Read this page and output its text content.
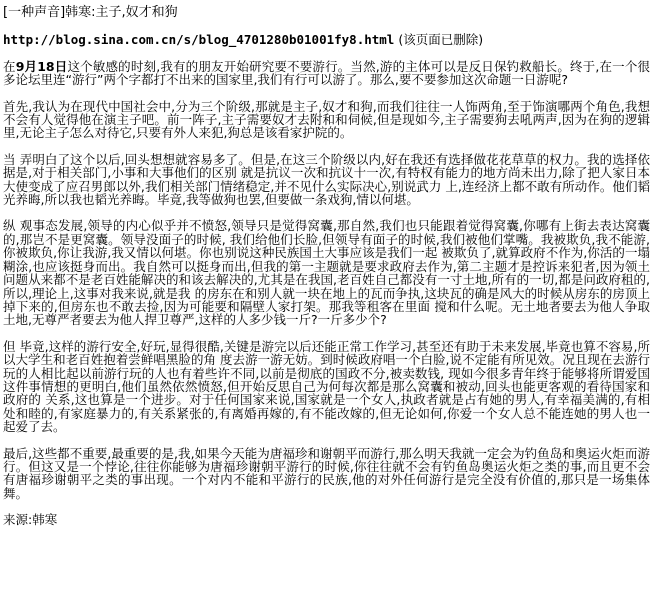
[一种声音]韩寒:主子,奴才和狗
http://blog.sina.com.cn/s/blog_4701280b01001fy8.html (该页面已删除)

在9月18日这个敏感的时刻,我有的朋友开始研究要不要游行。当然,游的主体可以是反日保钓救船长。终于,在一个很多论坛里连“游行”两个字都打不出来的国家里,我们有行可以游了。那么,要不要参加这次命题一日游呢?

首先,我认为在现代中国社会中,分为三个阶级,那就是主子,奴才和狗,而我们往往一人饰两角,至于饰演哪两个角色,我想不会有人觉得他在演主子吧。前一阵子,主子需要奴才去附和和伺候,但是现如今,主子需要狗去吼两声,因为在狗的逻辑里,无论主子怎么对待它,只要有外人来犯,狗总是该看家护院的。

当 弄明白了这个以后,回头想想就容易多了。但是,在这三个阶级以内,好在我还有选择做花花草草的权力。我的选择依据是,对于相关部门,小事和大事他们的区别 就是抗议一次和抗议十一次,有特权有能力的地方尚未出力,除了把人家日本大使变成了应召男郎以外,我们相关部门情绪稳定,并不见什么实际决心,别说武力 上,连经济上都不敢有所动作。他们韬光养晦,所以我也韬光养晦。毕竟,我等做狗也罢,但要做一条戏狗,情以何堪。

纵 观事态发展,领导的内心似乎并不愤怒,领导只是觉得窝囊,那自然,我们也只能跟着觉得窝囊,你哪有上街去表达窝囊的,那岂不是更窝囊。领导没面子的时候, 我们给他们长脸,但领导有面子的时候,我们被他们掌嘴。我被欺负,我不能游,你被欺负,你让我游,我又情以何堪。你也别说这种民族国土大事应该是我们一起 被欺负了,就算政府不作为,你活的一塌糊涂,也应该挺身而出。我自然可以挺身而出,但我的第一主题就是要求政府去作为,第二主题才是控诉来犯者,因为领土 问题从来都不是老百姓能解决的和该去解决的,尤其是在我国,老百姓自己都没有一寸土地,所有的一切,都是问政府租的,所以,理论上,这事对我来说,就是我 的房东在和别人就一块在地上的瓦而争执,这块瓦的确是风大的时候从房东的房顶上掉下来的,但房东也不敢去捡,因为可能要和隔壁人家打架。那我等租客在里面 搅和什么呢。无土地者要去为他人争取土地,无尊严者要去为他人捍卫尊严,这样的人多少钱一斤?一斤多少个?

但 毕竟,这样的游行安全,好玩,显得很酷,关键是游完以后还能正常工作学习,甚至还有助于未来发展,毕竟也算不容易,所以大学生和老百姓抱着尝鲜唱黑脸的角 度去游一游无妨。到时候政府唱一个白脸,说不定能有所见效。况且现在去游行玩的人相比起以前游行玩的人也有着些许不同,以前是彻底的国政不分,被卖数钱, 现如今很多青年终于能够将所谓爱国这件事情想的更明白,他们虽然依然愤怒,但开始反思自己为何每次都是那么窝囊和被动,回头也能更客观的看待国家和政府的 关系,这也算是一个进步。对于任何国家来说,国家就是一个女人,执政者就是占有她的男人,有幸福美满的,有相处和睦的,有家庭暴力的,有关系紧张的,有离婚再嫁的,有不能改嫁的,但无论如何,你爱一个女人总不能连她的男人也一起爱了去。

最后,这些都不重要,最重要的是,我,如果今天能为唐福珍和谢朝平而游行,那么明天我就一定会为钓鱼岛和奥运火炬而游行。但这又是一个悖论,往往你能够为唐福珍谢朝平游行的时候,你往往就不会有钓鱼岛奥运火炬之类的事,而且更不会有唐福珍谢朝平之类的事出现。一个对内不能和平游行的民族,他的对外任何游行是完全没有价值的,那只是一场集体舞。

来源:韩寒
